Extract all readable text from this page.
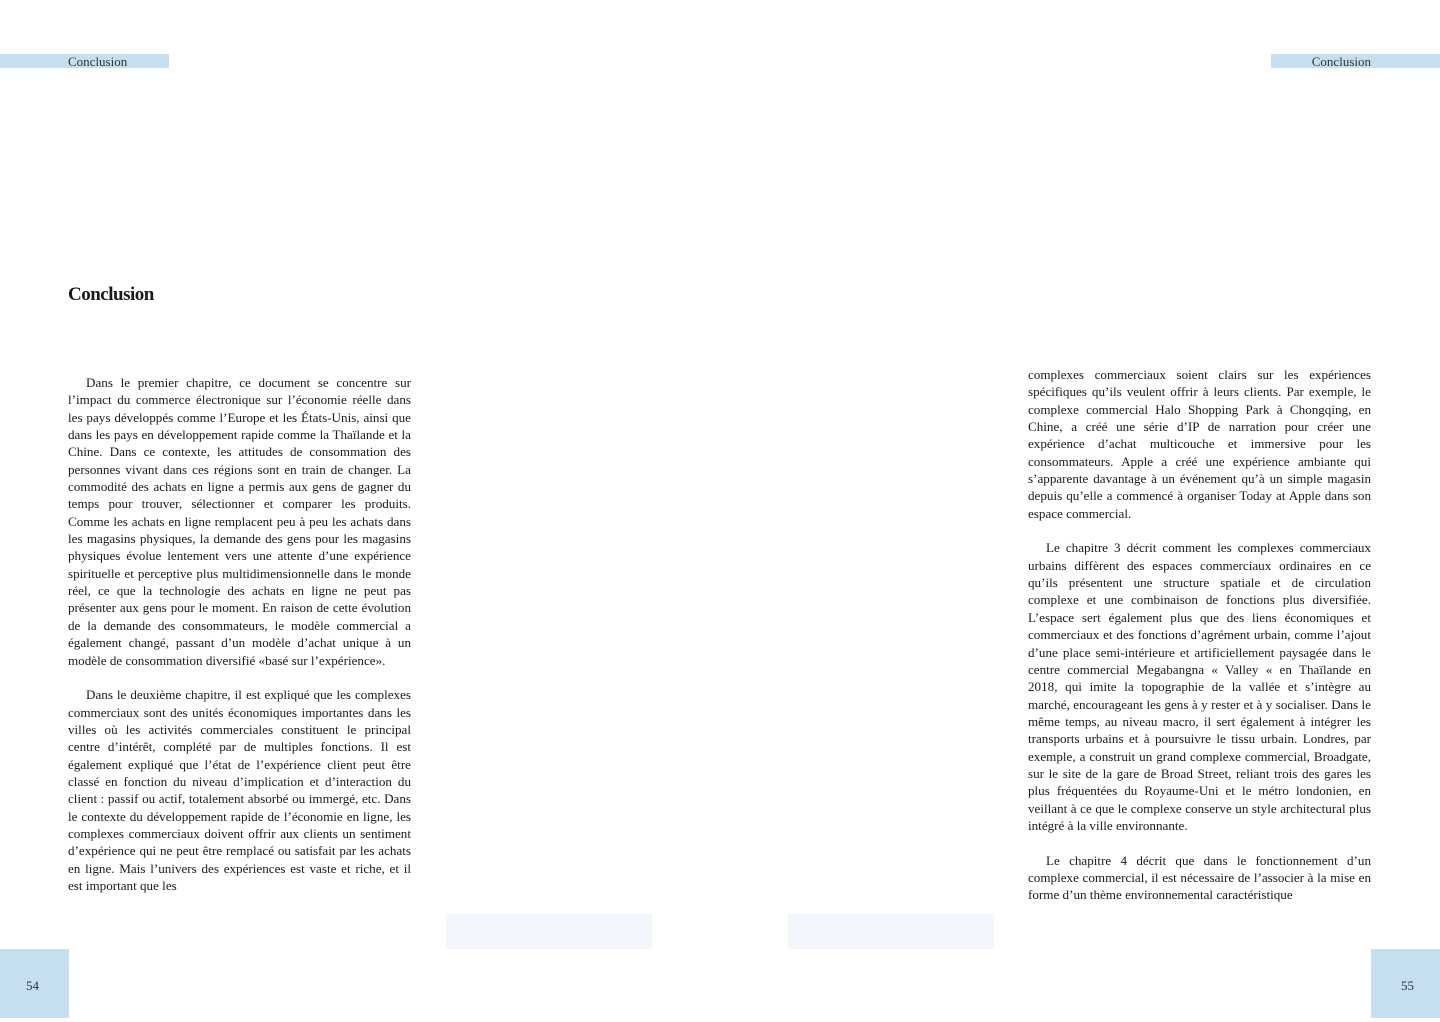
Conclusion	Conclusion
Conclusion

Dans le premier chapitre, ce document se concentre sur l’impact du commerce électronique sur l’économie réelle dans les pays développés comme l’Europe et les États-Unis, ainsi que dans les pays en développement rapide comme la Thaïlande et la Chine. Dans ce contexte, les attitudes de consommation des personnes vivant dans ces régions sont en train de changer. La commodité des achats en ligne a permis aux gens de gagner du temps pour trouver, sélectionner et comparer les produits. Comme les achats en ligne remplacent peu à peu les achats dans les magasins physiques, la demande des gens pour les magasins physiques évolue lentement vers une attente d’une expérience spirituelle et perceptive plus multidimensionnelle dans le monde réel, ce que la technologie des achats en ligne ne peut pas présenter aux gens pour le moment. En raison de cette évolution de la demande des consommateurs, le modèle commercial a également changé, passant d’un modèle d’achat unique à un modèle de consommation diversifié «basé sur l’expérience».

Dans le deuxième chapitre, il est expliqué que les complexes commerciaux sont des unités économiques importantes dans les villes où les activités commerciales constituent le principal centre d’intérêt, complété par de multiples fonctions. Il est également expliqué que l’état de l’expérience client peut être classé en fonction du niveau d’implication et d’interaction du client : passif ou actif, totalement absorbé ou immergé, etc. Dans le contexte du développement rapide de l’économie en ligne, les complexes commerciaux doivent offrir aux clients un sentiment d’expérience qui ne peut être remplacé ou satisfait par les achats en ligne. Mais l’univers des expériences est vaste et riche, et il est important que les

complexes commerciaux soient clairs sur les expériences spécifiques qu’ils veulent offrir à leurs clients. Par exemple, le complexe commercial Halo Shopping Park à Chongqing, en Chine, a créé une série d’IP de narration pour créer une expérience d’achat multicouche et immersive pour les consommateurs. Apple a créé une expérience ambiante qui s’apparente davantage à un événement qu’à un simple magasin depuis qu’elle a commencé à organiser Today at Apple dans son espace commercial.

Le chapitre 3 décrit comment les complexes commerciaux urbains diffèrent des espaces commerciaux ordinaires en ce qu’ils présentent une structure spatiale et de circulation complexe et une combinaison de fonctions plus diversifiée. L’espace sert également plus que des liens économiques et commerciaux et des fonctions d’agrément urbain, comme l’ajout d’une place semi-intérieure et artificiellement paysagée dans le centre commercial Megabangna « Valley « en Thaïlande en 2018, qui imite la topographie de la vallée et s’intègre au marché, encourageant les gens à y rester et à y socialiser. Dans le même temps, au niveau macro, il sert également à intégrer les transports urbains et à poursuivre le tissu urbain. Londres, par exemple, a construit un grand complexe commercial, Broadgate, sur le site de la gare de Broad Street, reliant trois des gares les plus fréquentées du Royaume-Uni et le métro londonien, en veillant à ce que le complexe conserve un style architectural plus intégré à la ville environnante.

Le chapitre 4 décrit que dans le fonctionnement d’un complexe commercial, il est nécessaire de l’associer à la mise en forme d’un thème environnemental caractéristique

54	55
